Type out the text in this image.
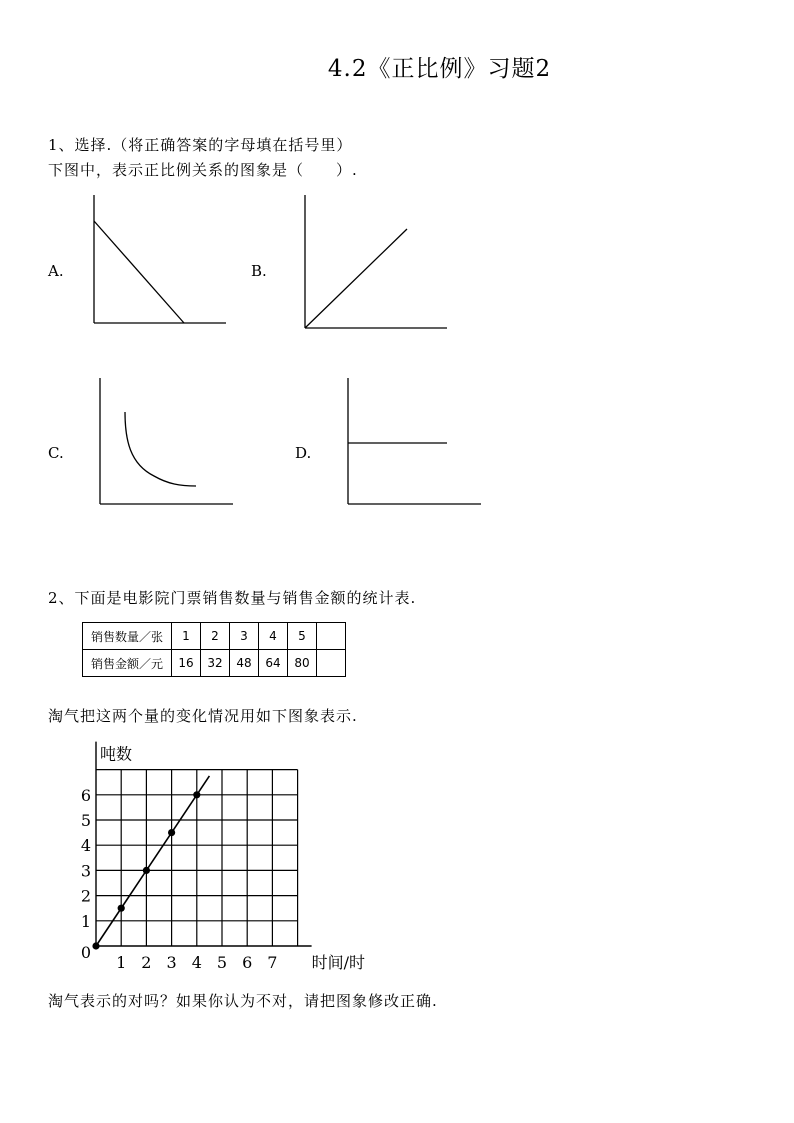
4.2《正比例》习题2
1、选择.（将正确答案的字母填在括号里）
下图中，表示正比例关系的图象是（　　）.
A.	B.
C.	D.
2、下面是电影院门票销售数量与销售金额的统计表.
销售数量／张	1	2	3	4	5	
销售金额／元	16	32	48	64	80	
淘气把这两个量的变化情况用如下图象表示.
1 2 3 4 5 6 7
1
2
3
4
5
6
0
吨数
时间/时
淘气表示的对吗？如果你认为不对，请把图象修改正确.
